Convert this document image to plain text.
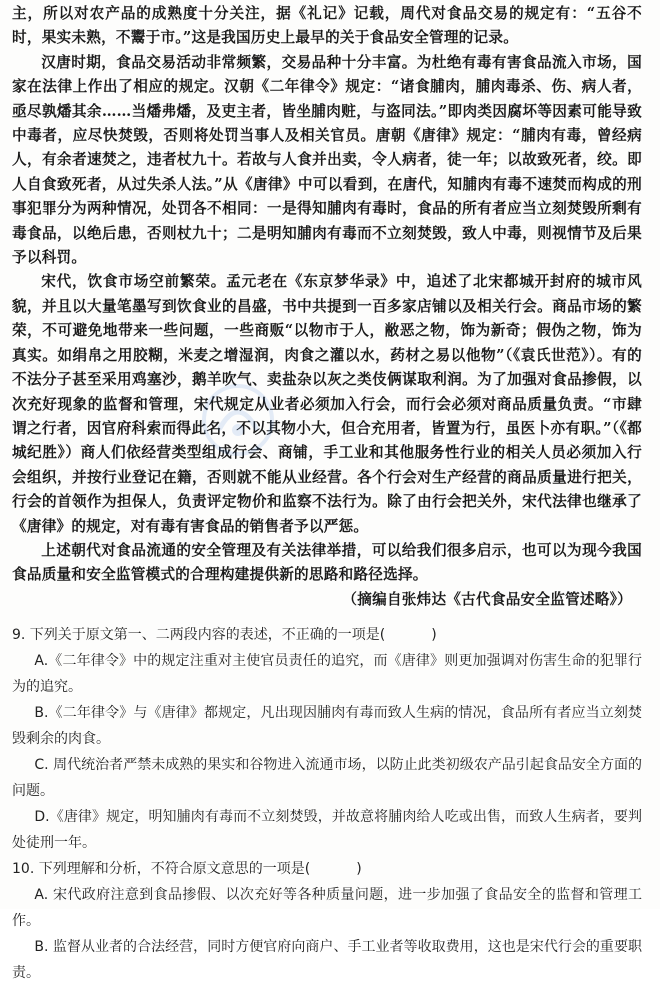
主，所以对农产品的成熟度十分关注，据《礼记》记载，周代对食品交易的规定有：“五谷不时，果实未熟，不鬻于市。”这是我国历史上最早的关于食品安全管理的记录。

汉唐时期，食品交易活动非常频繁，交易品种十分丰富。为杜绝有毒有害食品流入市场，国家在法律上作出了相应的规定。汉朝《二年律令》规定：“诸食脯肉，脯肉毒杀、伤、病人者，亟尽孰燔其余……当燔弗燔，及吏主者，皆坐脯肉赃，与盗同法。”即肉类因腐坏等因素可能导致中毒者，应尽快焚毁，否则将处罚当事人及相关官员。唐朝《唐律》规定：“脯肉有毒，曾经病人，有余者速焚之，违者杖九十。若故与人食并出卖，令人病者，徒一年；以故致死者，绞。即人自食致死者，从过失杀人法。”从《唐律》中可以看到，在唐代，知脯肉有毒不速焚而构成的刑事犯罪分为两种情况，处罚各不相同：一是得知脯肉有毒时，食品的所有者应当立刻焚毁所剩有毒食品，以绝后患，否则杖九十；二是明知脯肉有毒而不立刻焚毁，致人中毒，则视情节及后果予以科罚。

宋代，饮食市场空前繁荣。孟元老在《东京梦华录》中，追述了北宋都城开封府的城市风貌，并且以大量笔墨写到饮食业的昌盛，书中共提到一百多家店铺以及相关行会。商品市场的繁荣，不可避免地带来一些问题，一些商贩“以物市于人，敝恶之物，饰为新奇；假伪之物，饰为真实。如绢帛之用胶糊，米麦之增湿润，肉食之灌以水，药材之易以他物”（《袁氏世范》）。有的不法分子甚至采用鸡塞沙，鹅羊吹气、卖盐杂以灰之类伎俩谋取利润。为了加强对食品掺假，以次充好现象的监督和管理，宋代规定从业者必须加入行会，而行会必须对商品质量负责。“市肆谓之行者，因官府科索而得此名，不以其物小大，但合充用者，皆置为行，虽医卜亦有职。”（《都城纪胜》）商人们依经营类型组成行会、商铺，手工业和其他服务性行业的相关人员必须加入行会组织，并按行业登记在籍，否则就不能从业经营。各个行会对生产经营的商品质量进行把关，行会的首领作为担保人，负责评定物价和监察不法行为。除了由行会把关外，宋代法律也继承了《唐律》的规定，对有毒有害食品的销售者予以严惩。

上述朝代对食品流通的安全管理及有关法律举措，可以给我们很多启示，也可以为现今我国食品质量和安全监管模式的合理构建提供新的思路和路径选择。

（摘编自张炜达《古代食品安全监管述略》）

9. 下列关于原文第一、二两段内容的表述，不正确的一项是(	)

A.《二年律令》中的规定注重对主使官员责任的追究，而《唐律》则更加强调对伤害生命的犯罪行为的追究。

B.《二年律令》与《唐律》都规定，凡出现因脯肉有毒而致人生病的情况，食品所有者应当立刻焚毁剩余的肉食。

C. 周代统治者严禁未成熟的果实和谷物进入流通市场，以防止此类初级农产品引起食品安全方面的问题。

D.《唐律》规定，明知脯肉有毒而不立刻焚毁，并故意将脯肉给人吃或出售，而致人生病者，要判处徒刑一年。

10. 下列理解和分析，不符合原文意思的一项是(	)

A. 宋代政府注意到食品掺假、以次充好等各种质量问题，进一步加强了食品安全的监督和管理工作。

B. 监督从业者的合法经营，同时方便官府向商户、手工业者等收取费用，这也是宋代行会的重要职责。
